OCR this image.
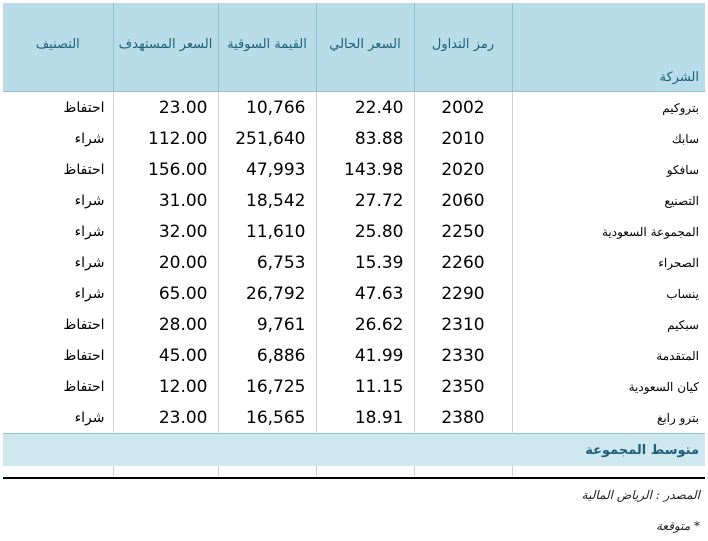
التصنيف	السعر المستهدف	القيمة السوقية	السعر الحالي	رمز التداول	الشركة

احتفاظ	23.00	10,766	22.40	2002	بتروكيم
شراء	112.00	251,640	83.88	2010	سابك
احتفاظ	156.00	47,993	143.98	2020	سافكو
شراء	31.00	18,542	27.72	2060	التصنيع
شراء	32.00	11,610	25.80	2250	المجموعة السعودية
شراء	20.00	6,753	15.39	2260	الصحراء
شراء	65.00	26,792	47.63	2290	ينساب
احتفاظ	28.00	9,761	26.62	2310	سبكيم
احتفاظ	45.00	6,886	41.99	2330	المتقدمة
احتفاظ	12.00	16,725	11.15	2350	كيان السعودية
شراء	23.00	16,565	18.91	2380	بترو رابغ
متوسط المجموعة					

المصدر : الرياض المالية
* متوقعة
